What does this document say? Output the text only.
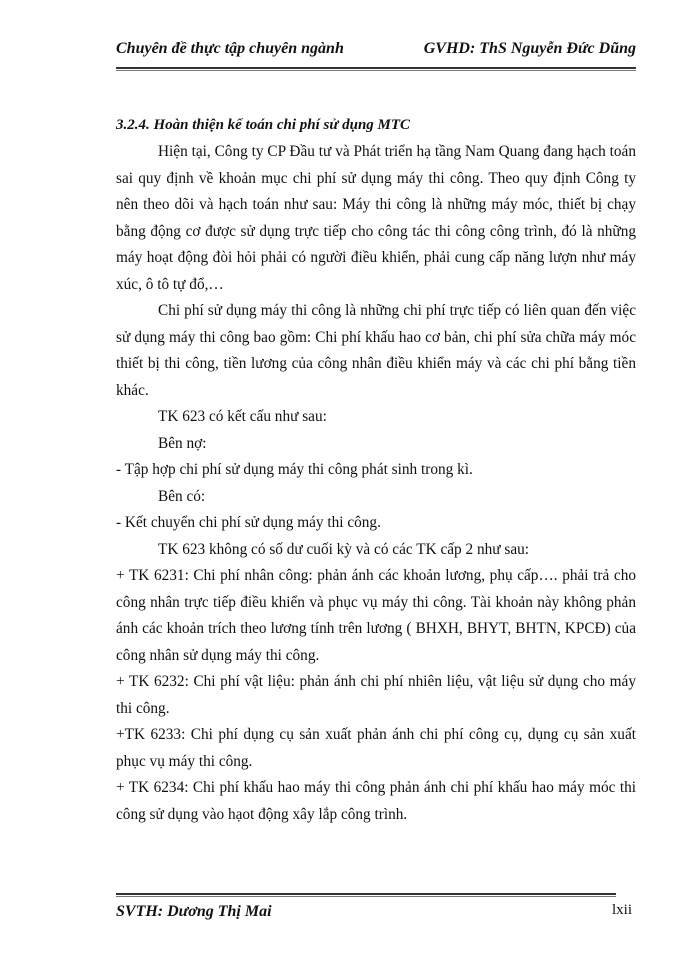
Chuyên đề thực tập chuyên ngành	GVHD: ThS Nguyễn Đức Dũng
3.2.4. Hoàn thiện kế toán chi phí sử dụng MTC

Hiện tại, Công ty CP Đầu tư và Phát triển hạ tầng Nam Quang đang hạch toán sai quy định về khoản mục chi phí sử dụng máy thi công. Theo quy định Công ty nên theo dõi và hạch toán như sau: Máy thi công là những máy móc, thiết bị chạy bằng động cơ được sử dụng trực tiếp cho công tác thi công công trình, đó là những máy hoạt động đòi hỏi phải có người điều khiển, phải cung cấp năng lượn như máy xúc, ô tô tự đổ,…

Chi phí sử dụng máy thi công là những chi phí trực tiếp có liên quan đến việc sử dụng máy thi công bao gồm: Chi phí khấu hao cơ bản, chi phí sửa chữa máy móc thiết bị thi công, tiền lương của công nhân điều khiển máy và các chi phí bằng tiền khác.

TK 623 có kết cấu như sau:

Bên nợ:

- Tập hợp chi phí sử dụng máy thi công phát sinh trong kì.

Bên có:

- Kết chuyển chi phí sử dụng máy thi công.

TK 623 không có số dư cuối kỳ và có các TK cấp 2 như sau:

+ TK 6231: Chi phí nhân công: phản ánh các khoản lương, phụ cấp…. phải trả cho công nhân trực tiếp điều khiển và phục vụ máy thi công. Tài khoản này không phản ánh các khoản trích theo lương tính trên lương ( BHXH, BHYT, BHTN, KPCĐ) của công nhân sử dụng máy thi công.

+ TK 6232: Chi phí vật liệu: phản ánh chi phí nhiên liệu, vật liệu sử dụng cho máy thi công.

+TK 6233: Chi phí dụng cụ sản xuất phản ánh chi phí công cụ, dụng cụ sản xuất phục vụ máy thi công.

+ TK 6234: Chi phí khấu hao máy thi công phản ánh chi phí khấu hao máy móc thi công sử dụng vào hạot động xây lắp công trình.

SVTH: Dương Thị Mai	lxii
